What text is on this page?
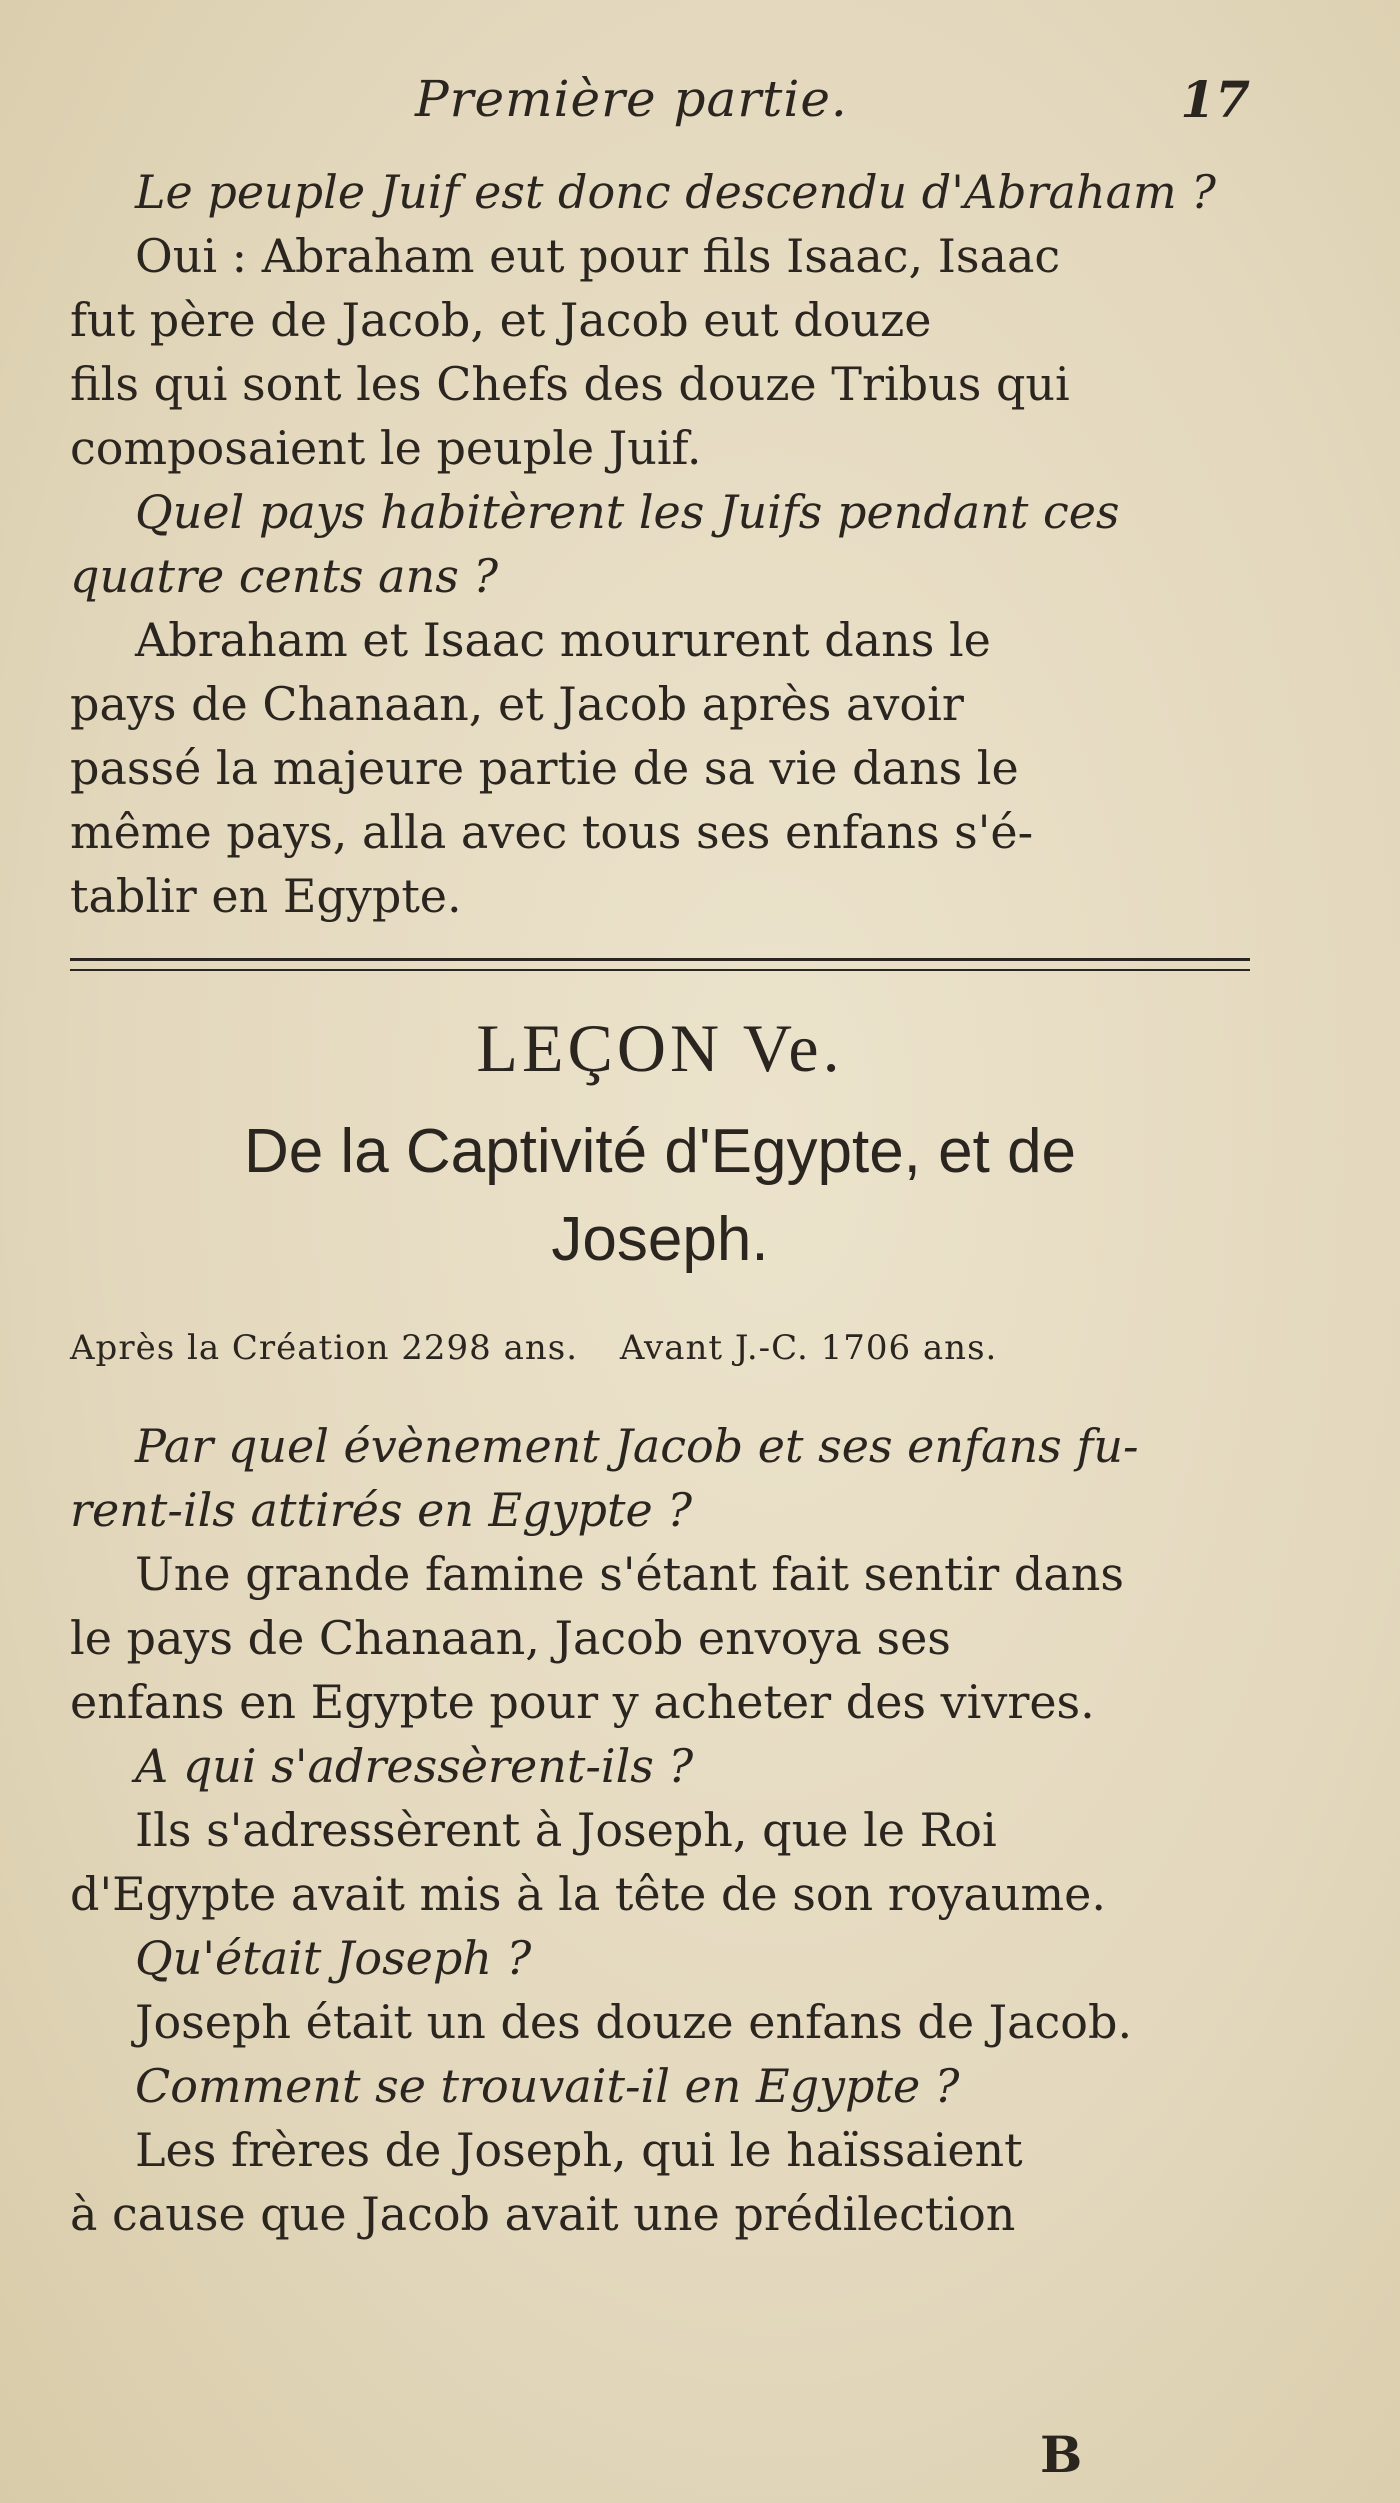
Première partie.	17
Le peuple Juif est donc descendu d'Abraham ?
Oui : Abraham eut pour fils Isaac, Isaac
fut père de Jacob, et Jacob eut douze
fils qui sont les Chefs des douze Tribus qui
composaient le peuple Juif.
Quel pays habitèrent les Juifs pendant ces
quatre cents ans ?
Abraham et Isaac moururent dans le
pays de Chanaan, et Jacob après avoir
passé la majeure partie de sa vie dans le
même pays, alla avec tous ses enfans s'é-
tablir en Egypte.
LEÇON Ve.
De la Captivité d'Egypte, et de
Joseph.
Après la Création 2298 ans. Avant J.-C. 1706 ans.
Par quel évènement Jacob et ses enfans fu-
rent-ils attirés en Egypte ?
Une grande famine s'étant fait sentir dans
le pays de Chanaan, Jacob envoya ses
enfans en Egypte pour y acheter des vivres.
A qui s'adressèrent-ils ?
Ils s'adressèrent à Joseph, que le Roi
d'Egypte avait mis à la tête de son royaume.
Qu'était Joseph ?
Joseph était un des douze enfans de Jacob.
Comment se trouvait-il en Egypte ?
Les frères de Joseph, qui le haïssaient
à cause que Jacob avait une prédilection
B
